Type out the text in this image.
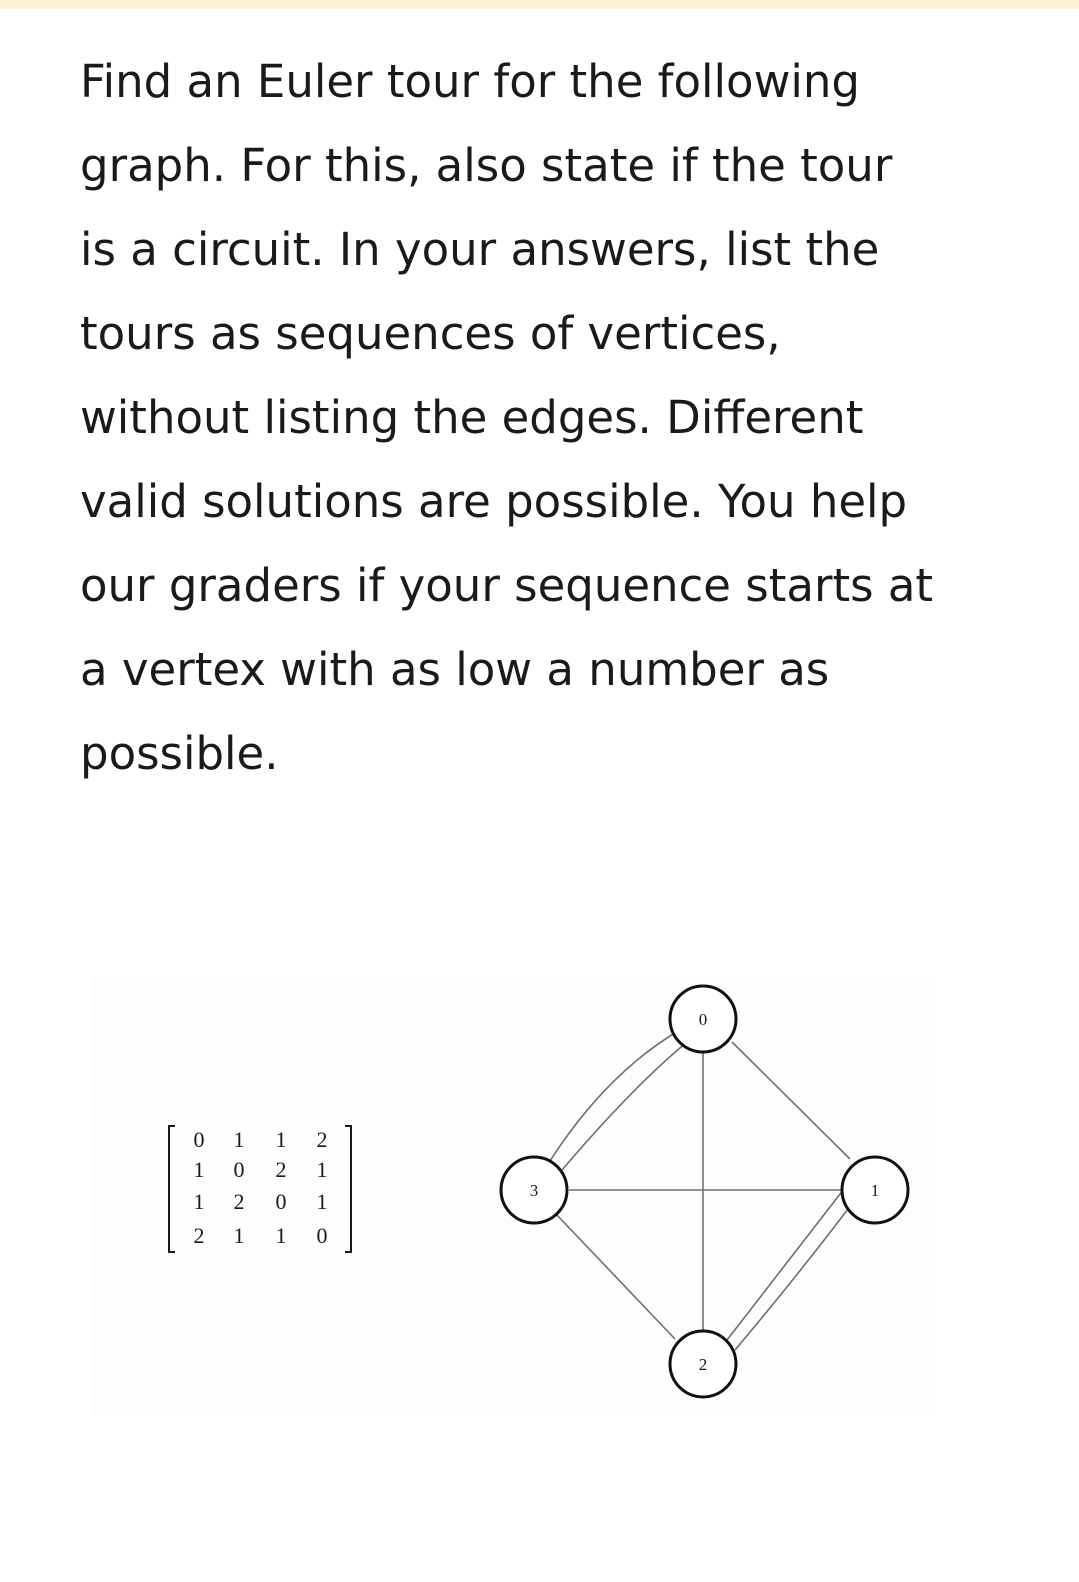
Find an Euler tour for the following
graph. For this, also state if the tour
is a circuit. In your answers, list the
tours as sequences of vertices,
without listing the edges. Different
valid solutions are possible. You help
our graders if your sequence starts at
a vertex with as low a number as
possible.

0 1 1 2
1 0 2 1
1 2 0 1
2 1 1 0
0
1
2
3
